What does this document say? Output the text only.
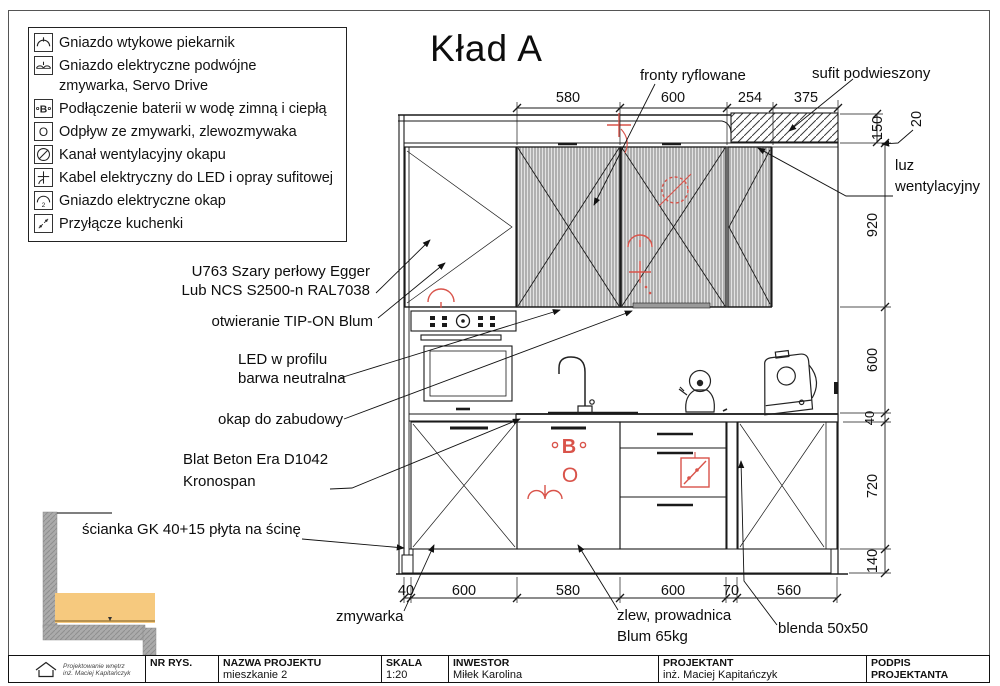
B
O
580	600	254 375
40	600	580	600	70	560
150 20
920
600
40
720
140
Gniazdo wtykowe piekarnik
Gniazdo elektryczne podwójne zmywarka, Servo Drive
B Podłączenie baterii w wodę zimną i ciepłą
O Odpływ ze zmywarki, zlewozmywaka
Kanał wentylacyjny okapu
Kabel elektryczny do LED i opray sufitowej
2 Gniazdo elektryczne okap
Przyłącze kuchenki
Kład A
fronty ryflowane	sufit podwieszony
luz
wentylacyjny
U763 Szary perłowy Egger
Lub NCS S2500-n RAL7038
otwieranie TIP-ON Blum
LED w profilu
barwa neutralna
okap do zabudowy
Blat Beton Era D1042
Kronospan
ścianka GK 40+15 płyta na ścinę
zmywarka	zlew, prowadnica
Blum 65kg	blenda 50x50
Projektowanie wnętrz
inż. Maciej Kapitańczyk
NR RYS.	NAZWA PROJEKTU
mieszkanie 2
SKALA
1:20
INWESTOR
Miłek Karolina
PROJEKTANT
inż. Maciej Kapitańczyk
PODPIS PROJEKTANTA
